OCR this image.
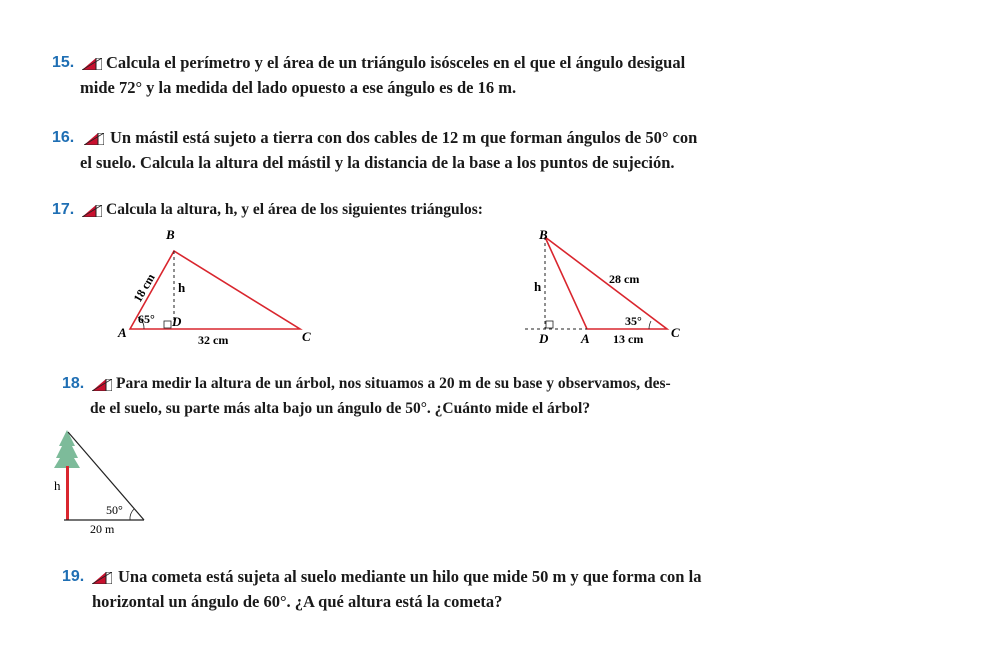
15. Calcula el perímetro y el área de un triángulo isósceles en el que el ángulo desigual
mide 72° y la medida del lado opuesto a ese ángulo es de 16 m.
16. Un mástil está sujeto a tierra con dos cables de 12 m que forman ángulos de 50° con
el suelo. Calcula la altura del mástil y la distancia de la base a los puntos de sujeción.
17. Calcula la altura, h, y el área de los siguientes triángulos:
B
A	C
D
h
65°
32 cm
18 cm
B
D	A	C
h	28 cm
35°
13 cm
18. Para medir la altura de un árbol, nos situamos a 20 m de su base y observamos, des-
de el suelo, su parte más alta bajo un ángulo de 50°. ¿Cuánto mide el árbol?
h
50°
20 m
19. Una cometa está sujeta al suelo mediante un hilo que mide 50 m y que forma con la
horizontal un ángulo de 60°. ¿A qué altura está la cometa?
